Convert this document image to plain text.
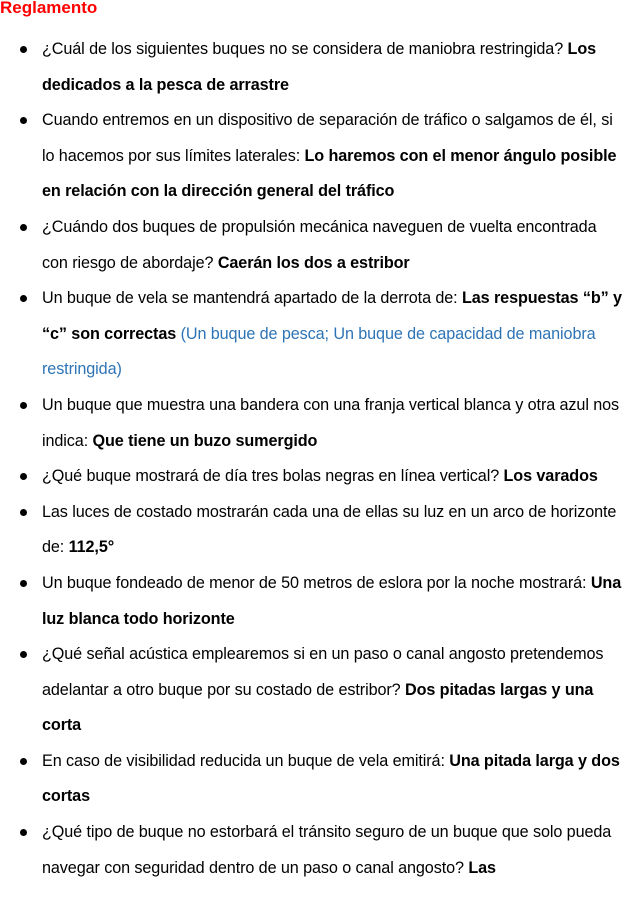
Reglamento
¿Cuál de los siguientes buques no se considera de maniobra restringida? Los dedicados a la pesca de arrastre
Cuando entremos en un dispositivo de separación de tráfico o salgamos de él, si lo hacemos por sus límites laterales: Lo haremos con el menor ángulo posible en relación con la dirección general del tráfico
¿Cuándo dos buques de propulsión mecánica naveguen de vuelta encontrada con riesgo de abordaje? Caerán los dos a estribor
Un buque de vela se mantendrá apartado de la derrota de: Las respuestas “b” y “c” son correctas (Un buque de pesca; Un buque de capacidad de maniobra restringida)
Un buque que muestra una bandera con una franja vertical blanca y otra azul nos indica: Que tiene un buzo sumergido
¿Qué buque mostrará de día tres bolas negras en línea vertical? Los varados
Las luces de costado mostrarán cada una de ellas su luz en un arco de horizonte de: 112,5°
Un buque fondeado de menor de 50 metros de eslora por la noche mostrará: Una luz blanca todo horizonte
¿Qué señal acústica emplearemos si en un paso o canal angosto pretendemos adelantar a otro buque por su costado de estribor? Dos pitadas largas y una corta
En caso de visibilidad reducida un buque de vela emitirá: Una pitada larga y dos cortas
¿Qué tipo de buque no estorbará el tránsito seguro de un buque que solo pueda navegar con seguridad dentro de un paso o canal angosto? Las
